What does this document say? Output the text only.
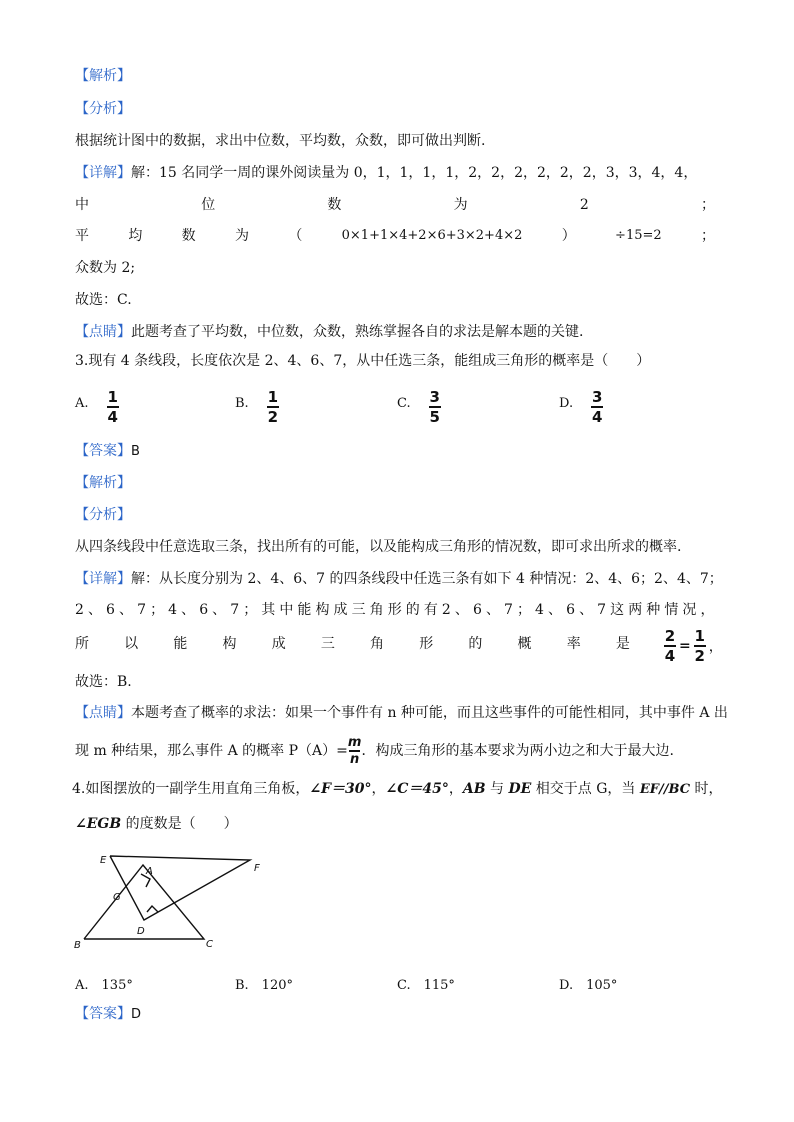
【解析】
【分析】
根据统计图中的数据，求出中位数，平均数，众数，即可做出判断.
【详解】解：15 名同学一周的课外阅读量为 0，1，1，1，1，2，2，2，2，2，2，3，3，4，4，
中	位	数	为	2	；
平	均	数	为	（	0×1+1×4+2×6+3×2+4×2	）	÷15=2	；
众数为 2;
故选：C.
【点睛】此题考查了平均数，中位数，众数，熟练掌握各自的求法是解本题的关键.
3.现有 4 条线段，长度依次是 2、4、6、7，从中任选三条，能组成三角形的概率是（　　）
A. $\frac{1}{4}$	B. $\frac{1}{2}$	C. $\frac{3}{5}$	D. $\frac{3}{4}$
【答案】B
【解析】
【分析】
从四条线段中任意选取三条，找出所有的可能，以及能构成三角形的情况数，即可求出所求的概率.
【详解】解：从长度分别为 2、4、6、7 的四条线段中任选三条有如下 4 种情况：2、4、6；2、4、7；
2 、 6 、 7 ； 4 、 6 、 7 ； 其 中 能 构 成 三 角 形 的 有 2 、 6 、 7 ； 4 、 6 、 7 这 两 种 情 况 ，
所	以	能	构	成	三	角	形	的	概	率	是 $\frac{2}{4} = \frac{1}{2}$ ，
故选：B.
【点睛】本题考查了概率的求法：如果一个事件有 n 种可能，而且这些事件的可能性相同，其中事件 A 出
现 m 种结果，那么事件 A 的概率 $P(A)= \frac{m}{n}$ ．构成三角形的基本要求为两小边之和大于最大边.
4.如图摆放的一副学生用直角三角板，∠F＝30°，∠C＝45°，AB 与 DE 相交于点 G，当 EF//BC 时，
∠EGB 的度数是（　　）
E
F
A
G
D
B	C
A.　135°	B.　120°	C.　115°	D.　105°
【答案】D
